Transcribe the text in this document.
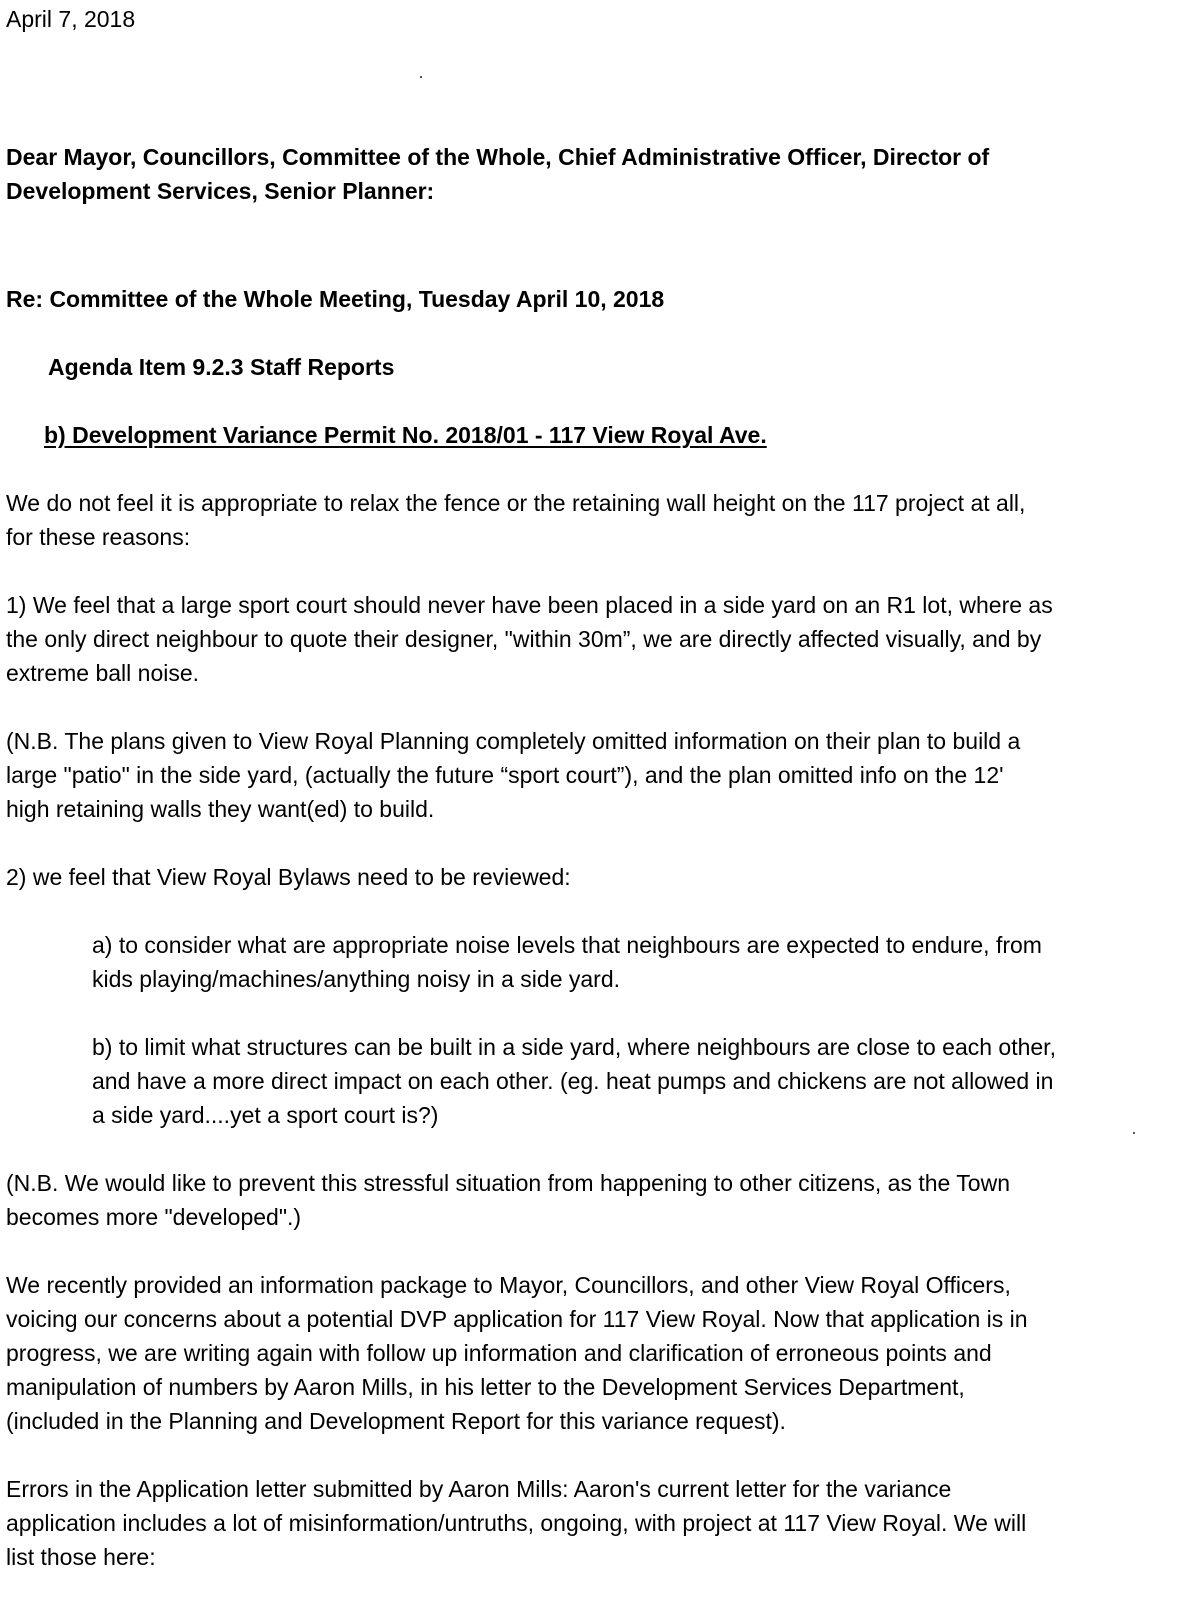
April 7, 2018

Dear Mayor, Councillors, Committee of the Whole, Chief Administrative Officer, Director of

Development Services, Senior Planner:

Re: Committee of the Whole Meeting, Tuesday April 10, 2018

Agenda Item 9.2.3 Staff Reports

b) Development Variance Permit No. 2018/01 - 117 View Royal Ave.

We do not feel it is appropriate to relax the fence or the retaining wall height on the 117 project at all,

for these reasons:

1) We feel that a large sport court should never have been placed in a side yard on an R1 lot, where as

the only direct neighbour to quote their designer, "within 30m”, we are directly affected visually, and by

extreme ball noise.

(N.B. The plans given to View Royal Planning completely omitted information on their plan to build a

large "patio" in the side yard, (actually the future “sport court”), and the plan omitted info on the 12'

high retaining walls they want(ed) to build.

2) we feel that View Royal Bylaws need to be reviewed:

a) to consider what are appropriate noise levels that neighbours are expected to endure, from

kids playing/machines/anything noisy in a side yard.

b) to limit what structures can be built in a side yard, where neighbours are close to each other,

and have a more direct impact on each other. (eg. heat pumps and chickens are not allowed in

a side yard....yet a sport court is?)

(N.B. We would like to prevent this stressful situation from happening to other citizens, as the Town

becomes more "developed".)

We recently provided an information package to Mayor, Councillors, and other View Royal Officers,

voicing our concerns about a potential DVP application for 117 View Royal. Now that application is in

progress, we are writing again with follow up information and clarification of erroneous points and

manipulation of numbers by Aaron Mills, in his letter to the Development Services Department,

(included in the Planning and Development Report for this variance request).

Errors in the Application letter submitted by Aaron Mills: Aaron's current letter for the variance

application includes a lot of misinformation/untruths, ongoing, with project at 117 View Royal. We will

list those here:
